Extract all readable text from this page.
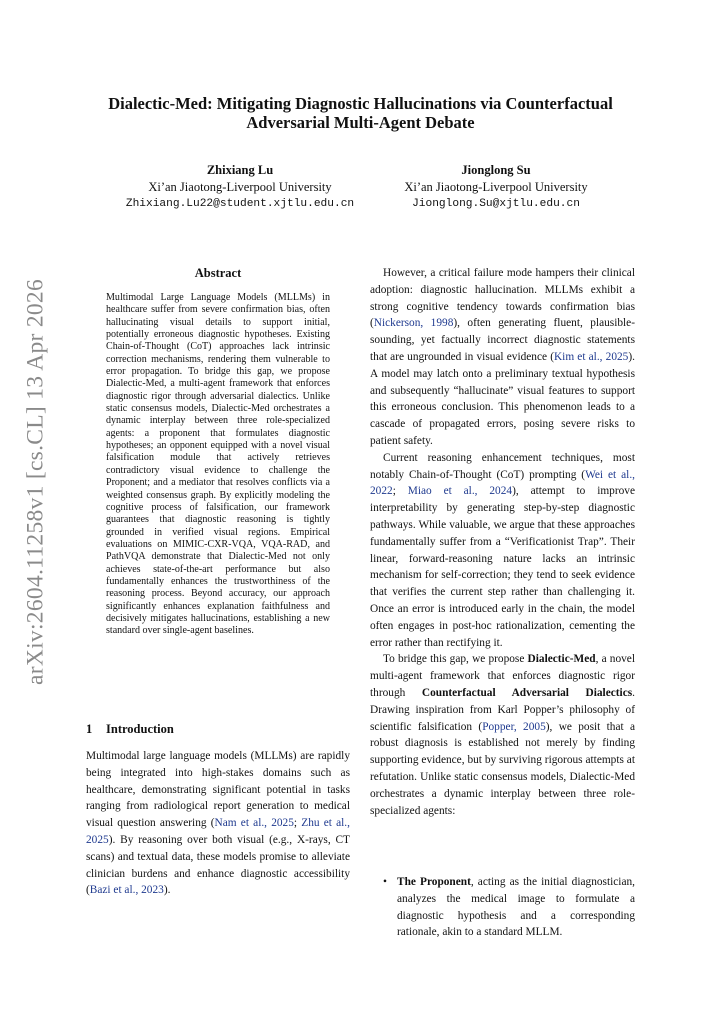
arXiv:2604.11258v1 [cs.CL] 13 Apr 2026
Dialectic-Med: Mitigating Diagnostic Hallucinations via Counterfactual
Adversarial Multi-Agent Debate
Zhixiang Lu
Xi’an Jiaotong-Liverpool University
Zhixiang.Lu22@student.xjtlu.edu.cn
Jionglong Su
Xi’an Jiaotong-Liverpool University
Jionglong.Su@xjtlu.edu.cn
Abstract
Multimodal Large Language Models (MLLMs) in healthcare suffer from severe confirmation bias, often hallucinating visual details to support initial, potentially erroneous diagnostic hypotheses. Existing Chain-of-Thought (CoT) approaches lack intrinsic correction mechanisms, rendering them vulnerable to error propagation. To bridge this gap, we propose Dialectic-Med, a multi-agent framework that enforces diagnostic rigor through adversarial dialectics. Unlike static consensus models, Dialectic-Med orchestrates a dynamic interplay between three role-specialized agents: a proponent that formulates diagnostic hypotheses; an opponent equipped with a novel visual falsification module that actively retrieves contradictory visual evidence to challenge the Proponent; and a mediator that resolves conflicts via a weighted consensus graph. By explicitly modeling the cognitive process of falsification, our framework guarantees that diagnostic reasoning is tightly grounded in verified visual regions. Empirical evaluations on MIMIC-CXR-VQA, VQA-RAD, and PathVQA demonstrate that Dialectic-Med not only achieves state-of-the-art performance but also fundamentally enhances the trustworthiness of the reasoning process. Beyond accuracy, our approach significantly enhances explanation faithfulness and decisively mitigates hallucinations, establishing a new standard over single-agent baselines.
1 Introduction
Multimodal large language models (MLLMs) are rapidly being integrated into high-stakes domains such as healthcare, demonstrating significant potential in tasks ranging from radiological report generation to medical visual question answering (Nam et al., 2025; Zhu et al., 2025). By reasoning over both visual (e.g., X-rays, CT scans) and textual data, these models promise to alleviate clinician burdens and enhance diagnostic accessibility (Bazi et al., 2023).

However, a critical failure mode hampers their clinical adoption: diagnostic hallucination. MLLMs exhibit a strong cognitive tendency towards confirmation bias (Nickerson, 1998), often generating fluent, plausible-sounding, yet factually incorrect diagnostic statements that are ungrounded in visual evidence (Kim et al., 2025). A model may latch onto a preliminary textual hypothesis and subsequently “hallucinate” visual features to support this erroneous conclusion. This phenomenon leads to a cascade of propagated errors, posing severe risks to patient safety.

Current reasoning enhancement techniques, most notably Chain-of-Thought (CoT) prompting (Wei et al., 2022; Miao et al., 2024), attempt to improve interpretability by generating step-by-step diagnostic pathways. While valuable, we argue that these approaches fundamentally suffer from a “Verificationist Trap”. Their linear, forward-reasoning nature lacks an intrinsic mechanism for self-correction; they tend to seek evidence that verifies the current step rather than challenging it. Once an error is introduced early in the chain, the model often engages in post-hoc rationalization, cementing the error rather than rectifying it.

To bridge this gap, we propose Dialectic-Med, a novel multi-agent framework that enforces diagnostic rigor through Counterfactual Adversarial Dialectics. Drawing inspiration from Karl Popper’s philosophy of scientific falsification (Popper, 2005), we posit that a robust diagnosis is established not merely by finding supporting evidence, but by surviving rigorous attempts at refutation. Unlike static consensus models, Dialectic-Med orchestrates a dynamic interplay between three role-specialized agents:

• The Proponent, acting as the initial diagnostician, analyzes the medical image to formulate a diagnostic hypothesis and a corresponding rationale, akin to a standard MLLM.
